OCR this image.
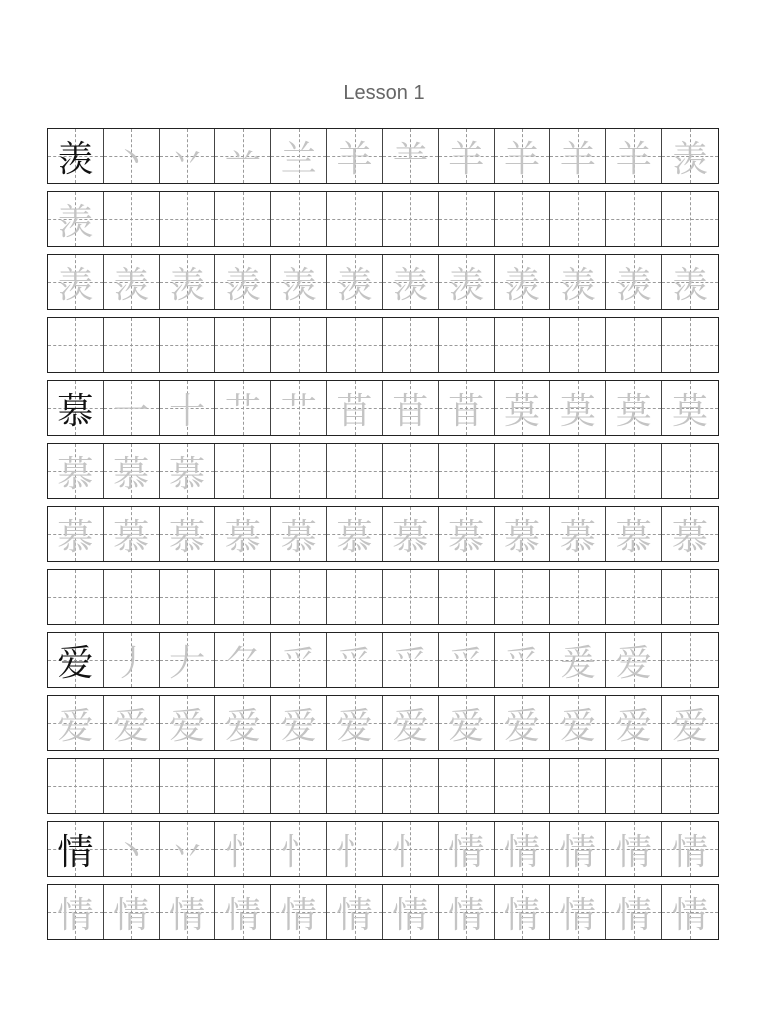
Lesson 1
羡 丶 丷 䒑 兰 羊 ⺷ 羊 羊 羊 羊 羡
羡
羡 羡 羡 羡 羡 羡 羡 羡 羡 羡 羡 羡
慕 一 十 艹 艹 苜 苜 苜 莫 莫 莫 莫
慕 慕 慕
慕 慕 慕 慕 慕 慕 慕 慕 慕 慕 慕 慕
爱 丿 𠂇 ⺈ 爫 爫 爫 爫 爫 爰 爱
爱 爱 爱 爱 爱 爱 爱 爱 爱 爱 爱 爱
情 丶 丷 忄 忄 忄 忄 情 情 情 情 情
情 情 情 情 情 情 情 情 情 情 情 情
